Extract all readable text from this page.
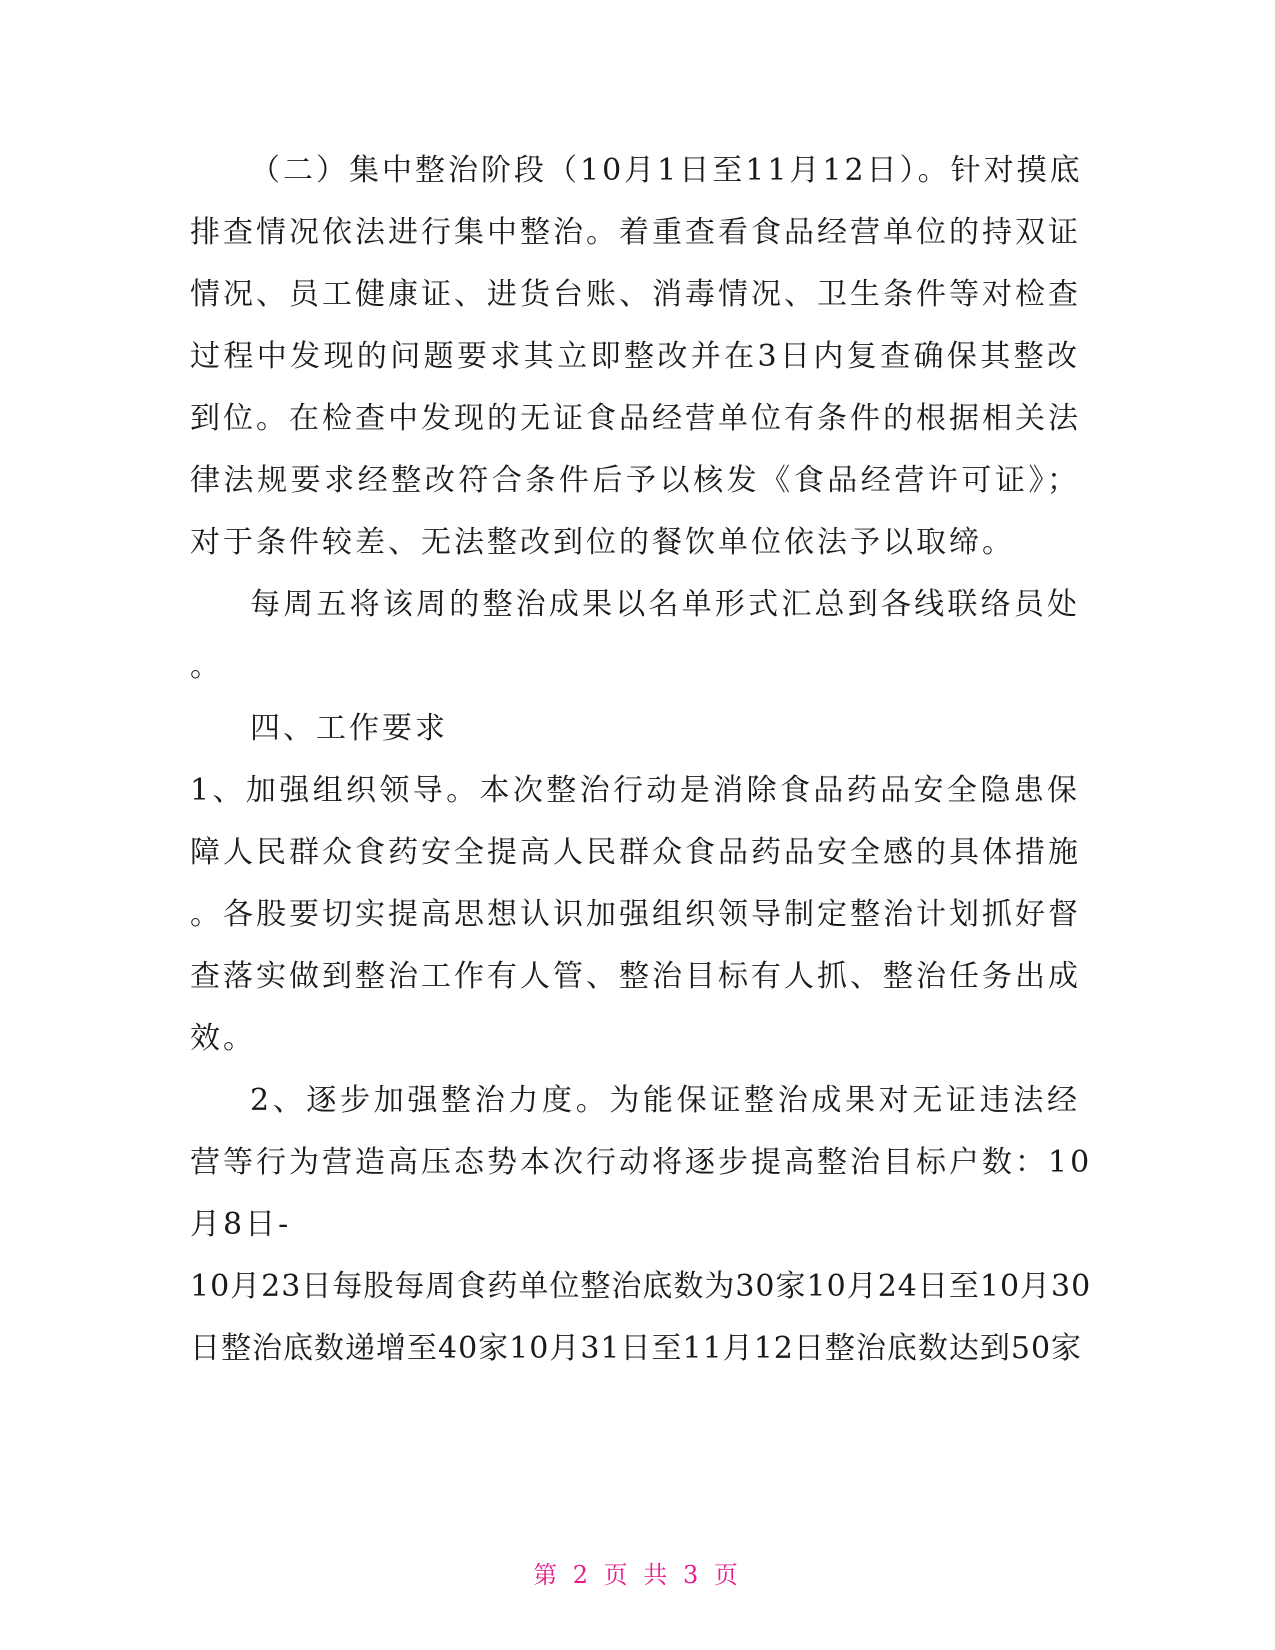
（二）集中整治阶段（10月1日至11月12日）。针对摸底
排查情况依法进行集中整治。着重查看食品经营单位的持双证
情况、员工健康证、进货台账、消毒情况、卫生条件等对检查
过程中发现的问题要求其立即整改并在3日内复查确保其整改
到位。在检查中发现的无证食品经营单位有条件的根据相关法
律法规要求经整改符合条件后予以核发《食品经营许可证》；
对于条件较差、无法整改到位的餐饮单位依法予以取缔。
每周五将该周的整治成果以名单形式汇总到各线联络员处
。
四、工作要求
1、加强组织领导。本次整治行动是消除食品药品安全隐患保
障人民群众食药安全提高人民群众食品药品安全感的具体措施
。各股要切实提高思想认识加强组织领导制定整治计划抓好督
查落实做到整治工作有人管、整治目标有人抓、整治任务出成
效。
2、逐步加强整治力度。为能保证整治成果对无证违法经
营等行为营造高压态势本次行动将逐步提高整治目标户数：10
月8日-
10月23日每股每周食药单位整治底数为30家10月24日至10月30
日整治底数递增至40家10月31日至11月12日整治底数达到50家
第 2 页 共 3 页
